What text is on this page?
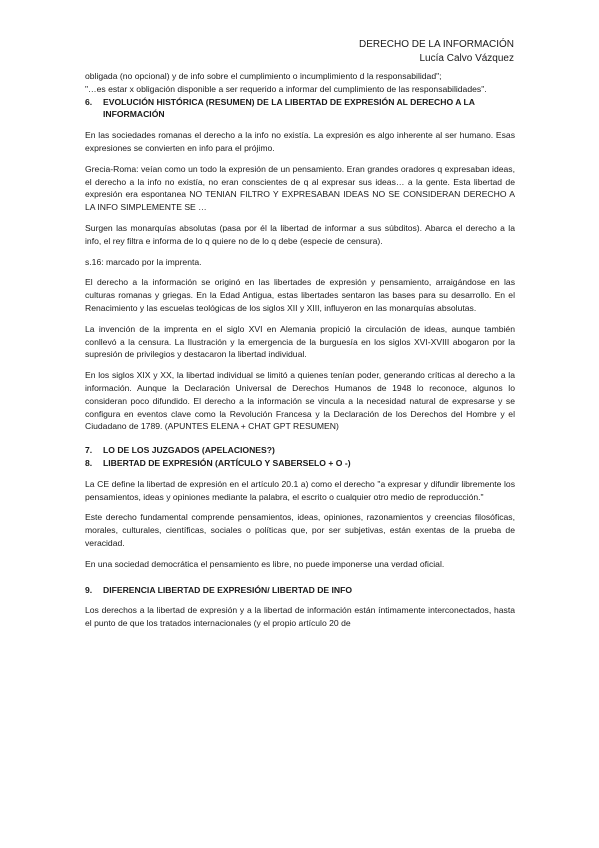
DERECHO DE LA INFORMACIÓN
Lucía Calvo Vázquez

obligada (no opcional) y de info sobre el cumplimiento o incumplimiento d la responsabilidad";

"…es estar x obligación disponible a ser requerido a informar del cumplimiento de las responsabilidades".

6.	EVOLUCIÓN HISTÓRICA (RESUMEN) DE LA LIBERTAD DE EXPRESIÓN AL DERECHO A LA INFORMACIÓN

En las sociedades romanas el derecho a la info no existía. La expresión es algo inherente al ser humano. Esas expresiones se convierten en info para el prójimo.

Grecia-Roma: veían como un todo la expresión de un pensamiento. Eran grandes oradores q expresaban ideas, el derecho a la info no existía, no eran conscientes de q al expresar sus ideas… a la gente. Esta libertad de expresión era espontanea NO TENIAN FILTRO Y EXPRESABAN IDEAS NO SE CONSIDERAN DERECHO A LA INFO SIMPLEMENTE SE …

Surgen las monarquías absolutas (pasa por él la libertad de informar a sus súbditos). Abarca el derecho a la info, el rey filtra e informa de lo q quiere no de lo q debe (especie de censura).

s.16: marcado por la imprenta.

El derecho a la información se originó en las libertades de expresión y pensamiento, arraigándose en las culturas romanas y griegas. En la Edad Antigua, estas libertades sentaron las bases para su desarrollo. En el Renacimiento y las escuelas teológicas de los siglos XII y XIII, influyeron en las monarquías absolutas.

La invención de la imprenta en el siglo XVI en Alemania propició la circulación de ideas, aunque también conllevó a la censura. La Ilustración y la emergencia de la burguesía en los siglos XVI-XVIII abogaron por la supresión de privilegios y destacaron la libertad individual.

En los siglos XIX y XX, la libertad individual se limitó a quienes tenían poder, generando críticas al derecho a la información. Aunque la Declaración Universal de Derechos Humanos de 1948 lo reconoce, algunos lo consideran poco difundido. El derecho a la información se vincula a la necesidad natural de expresarse y se configura en eventos clave como la Revolución Francesa y la Declaración de los Derechos del Hombre y el Ciudadano de 1789. (APUNTES ELENA + CHAT GPT RESUMEN)

7.	LO DE LOS JUZGADOS (APELACIONES?)
8.	LIBERTAD DE EXPRESIÓN (ARTÍCULO Y SABERSELO + O -)

La CE define la libertad de expresión en el artículo 20.1 a) como el derecho "a expresar y difundir libremente los pensamientos, ideas y opiniones mediante la palabra, el escrito o cualquier otro medio de reproducción."

Este derecho fundamental comprende pensamientos, ideas, opiniones, razonamientos y creencias filosóficas, morales, culturales, científicas, sociales o políticas que, por ser subjetivas, están exentas de la prueba de veracidad.

En una sociedad democrática el pensamiento es libre, no puede imponerse una verdad oficial.

9.	DIFERENCIA LIBERTAD DE EXPRESIÓN/ LIBERTAD DE INFO

Los derechos a la libertad de expresión y a la libertad de información están íntimamente interconectados, hasta el punto de que los tratados internacionales (y el propio artículo 20 de
